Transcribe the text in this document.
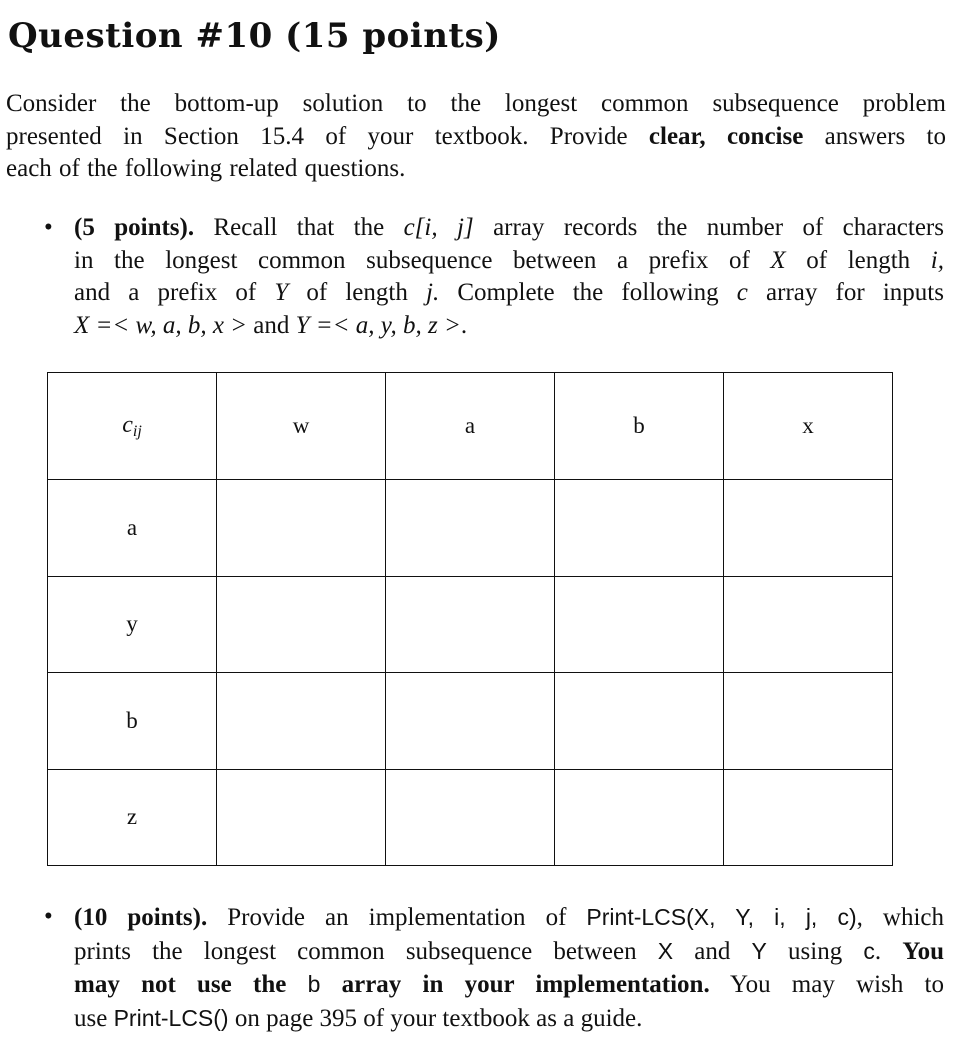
Question #10 (15 points)

Consider the bottom-up solution to the longest common subsequence problem
presented in Section 15.4 of your textbook. Provide clear, concise answers to
each of the following related questions.

• (5 points). Recall that the c[i, j] array records the number of characters
in the longest common subsequence between a prefix of X of length i,
and a prefix of Y of length j. Complete the following c array for inputs
X =< w, a, b, x > and Y =< a, y, b, z >.

$c_{ij}$	w	a	b	x
a				
y				
b				
z				

• (10 points). Provide an implementation of Print-LCS(X, Y, i, j, c), which
prints the longest common subsequence between X and Y using c. You
may not use the b array in your implementation. You may wish to
use Print-LCS() on page 395 of your textbook as a guide.
